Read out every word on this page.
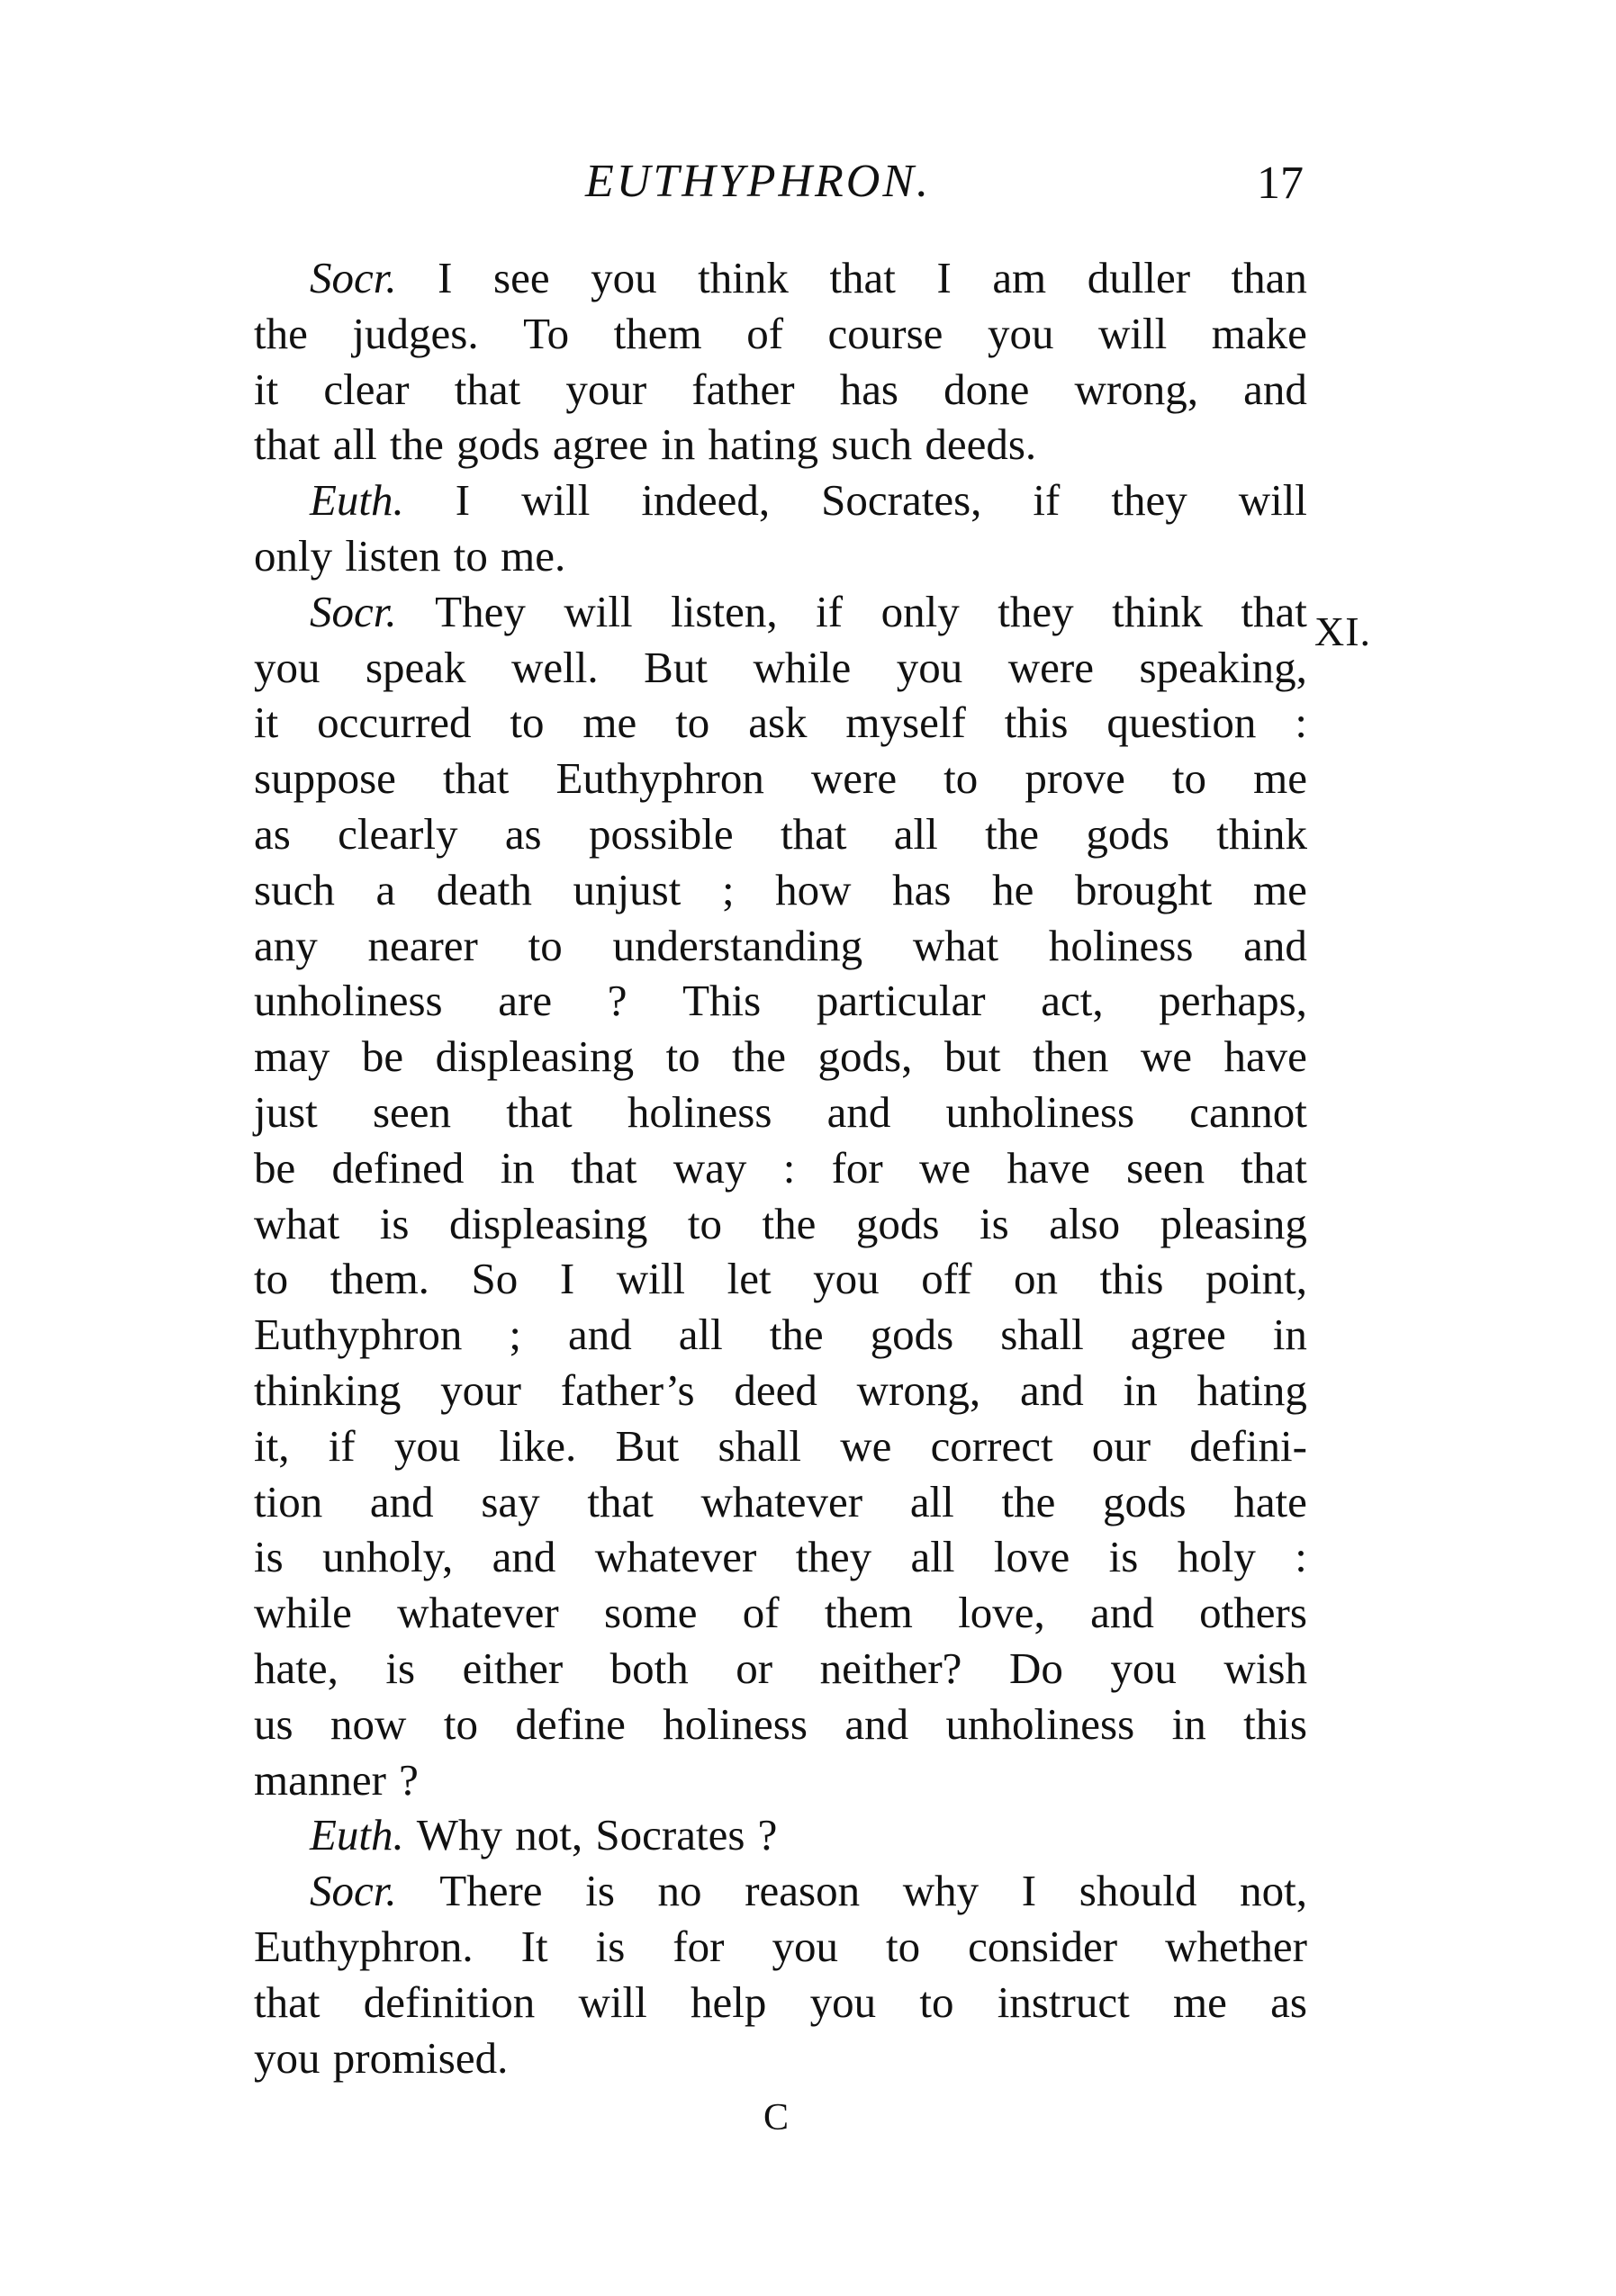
EUTHYPHRON.	17
Socr. I see you think that I am duller than
the judges. To them of course you will make
it clear that your father has done wrong, and
that all the gods agree in hating such deeds.
Euth. I will indeed, Socrates, if they will
only listen to me.
Socr. They will listen, if only they think that
you speak well. But while you were speaking,
it occurred to me to ask myself this question :
suppose that Euthyphron were to prove to me
as clearly as possible that all the gods think
such a death unjust ; how has he brought me
any nearer to understanding what holiness and
unholiness are ? This particular act, perhaps,
may be displeasing to the gods, but then we have
just seen that holiness and unholiness cannot
be defined in that way : for we have seen that
what is displeasing to the gods is also pleasing
to them. So I will let you off on this point,
Euthyphron ; and all the gods shall agree in
thinking your father’s deed wrong, and in hating
it, if you like. But shall we correct our defini-
tion and say that whatever all the gods hate
is unholy, and whatever they all love is holy :
while whatever some of them love, and others
hate, is either both or neither? Do you wish
us now to define holiness and unholiness in this
manner ?
Euth. Why not, Socrates ?
Socr. There is no reason why I should not,
Euthyphron. It is for you to consider whether
that definition will help you to instruct me as
you promised.
XI.
C
